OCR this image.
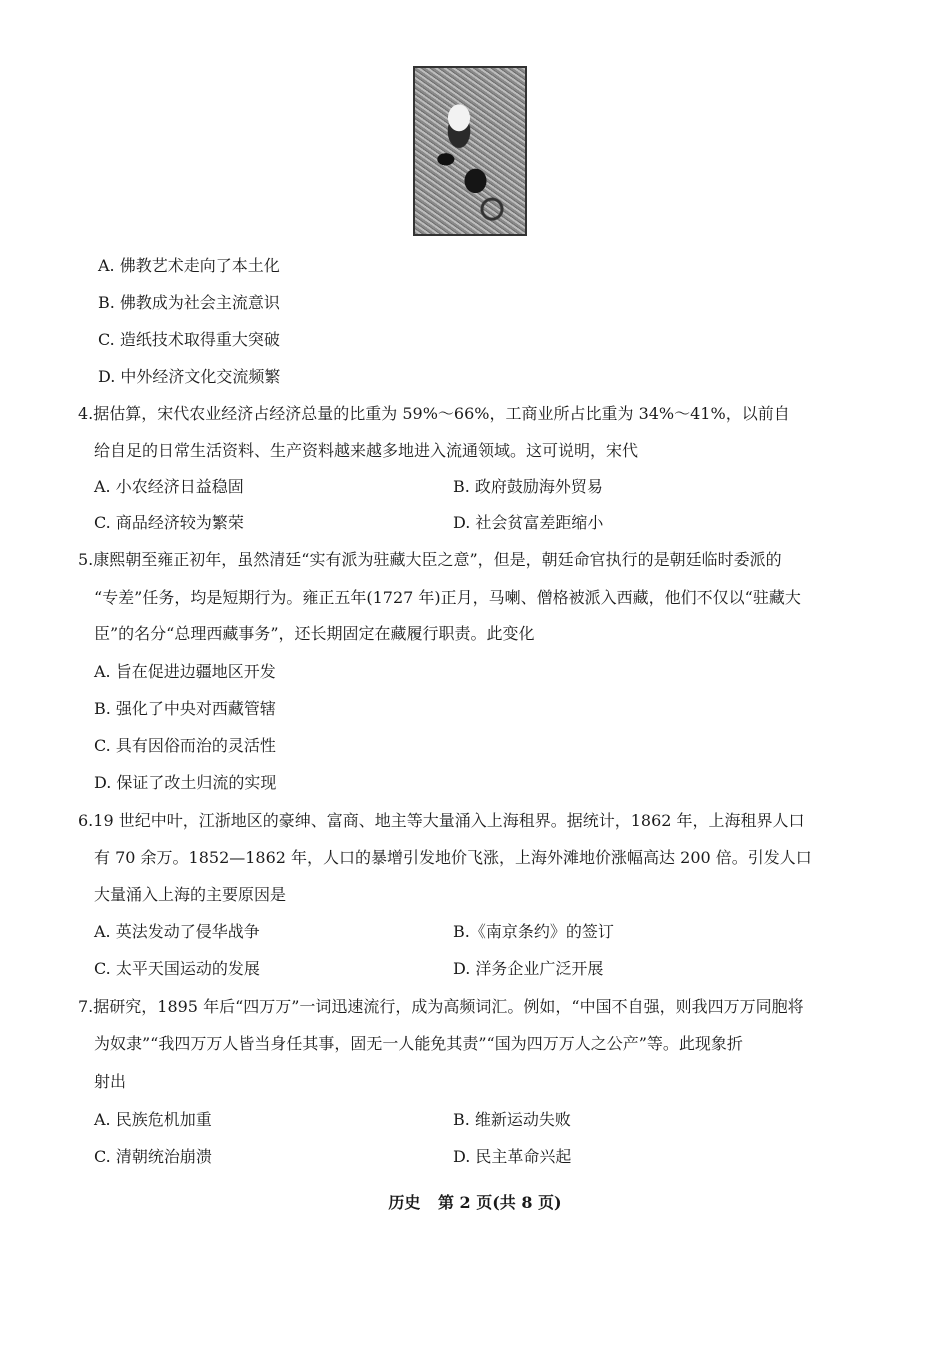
A. 佛教艺术走向了本土化
B. 佛教成为社会主流意识
C. 造纸技术取得重大突破
D. 中外经济文化交流频繁
4.据估算，宋代农业经济占经济总量的比重为 59%～66%，工商业所占比重为 34%～41%，以前自
给自足的日常生活资料、生产资料越来越多地进入流通领域。这可说明，宋代
A. 小农经济日益稳固	B. 政府鼓励海外贸易
C. 商品经济较为繁荣	D. 社会贫富差距缩小
5.康熙朝至雍正初年，虽然清廷“实有派为驻藏大臣之意”，但是，朝廷命官执行的是朝廷临时委派的
“专差”任务，均是短期行为。雍正五年(1727 年)正月，马喇、僧格被派入西藏，他们不仅以“驻藏大
臣”的名分“总理西藏事务”，还长期固定在藏履行职责。此变化
A. 旨在促进边疆地区开发
B. 强化了中央对西藏管辖
C. 具有因俗而治的灵活性
D. 保证了改土归流的实现
6.19 世纪中叶，江浙地区的豪绅、富商、地主等大量涌入上海租界。据统计，1862 年，上海租界人口
有 70 余万。1852—1862 年，人口的暴增引发地价飞涨，上海外滩地价涨幅高达 200 倍。引发人口
大量涌入上海的主要原因是
A. 英法发动了侵华战争	B.《南京条约》的签订
C. 太平天国运动的发展	D. 洋务企业广泛开展
7.据研究，1895 年后“四万万”一词迅速流行，成为高频词汇。例如，“中国不自强，则我四万万同胞将
为奴隶”“我四万万人皆当身任其事，固无一人能免其责”“国为四万万人之公产”等。此现象折
射出
A. 民族危机加重	B. 维新运动失败
C. 清朝统治崩溃	D. 民主革命兴起
历史 第 2 页(共 8 页)
